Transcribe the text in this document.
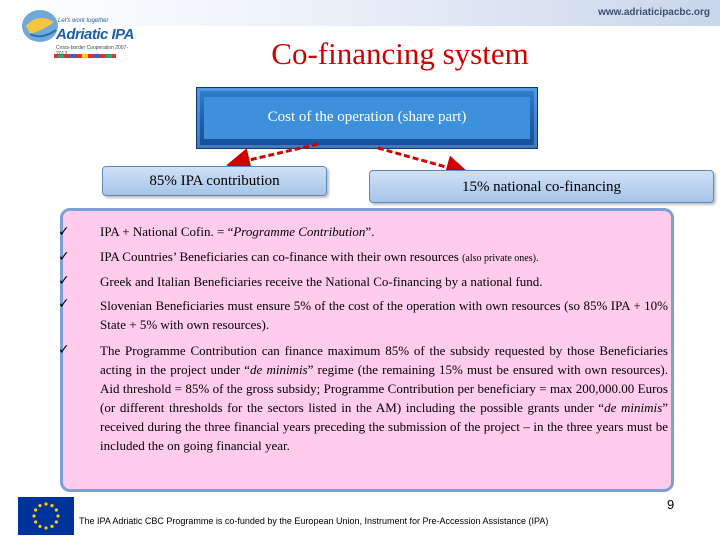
www.adriaticipacbc.org
Let's work together
Adriatic IPA
Cross-border Cooperation 2007-2013	Co-financing system
Cost of the operation (share part)
85% IPA contribution	15% national co-financing
✓
✓
✓
✓
✓
IPA + National Cofin. = “Programme Contribution”.
IPA Countries’ Beneficiaries can co-finance with their own resources (also private ones).
Greek and Italian Beneficiaries receive the National Co-financing by a national fund.
Slovenian Beneficiaries must ensure 5% of the cost of the operation with own resources (so 85% IPA + 10% State + 5% with own resources).
The Programme Contribution can finance maximum 85% of the subsidy requested by those Beneficiaries acting in the project under “de minimis” regime (the remaining 15% must be ensured with own resources). Aid threshold = 85% of the gross subsidy; Programme Contribution per beneficiary = max 200,000.00 Euros (or different thresholds for the sectors listed in the AM) including the possible grants under “de minimis” received during the three financial years preceding the submission of the project – in the three years must be included the on going financial year.
9
The IPA Adriatic CBC Programme is co-funded by the European Union, Instrument for Pre-Accession Assistance (IPA)
